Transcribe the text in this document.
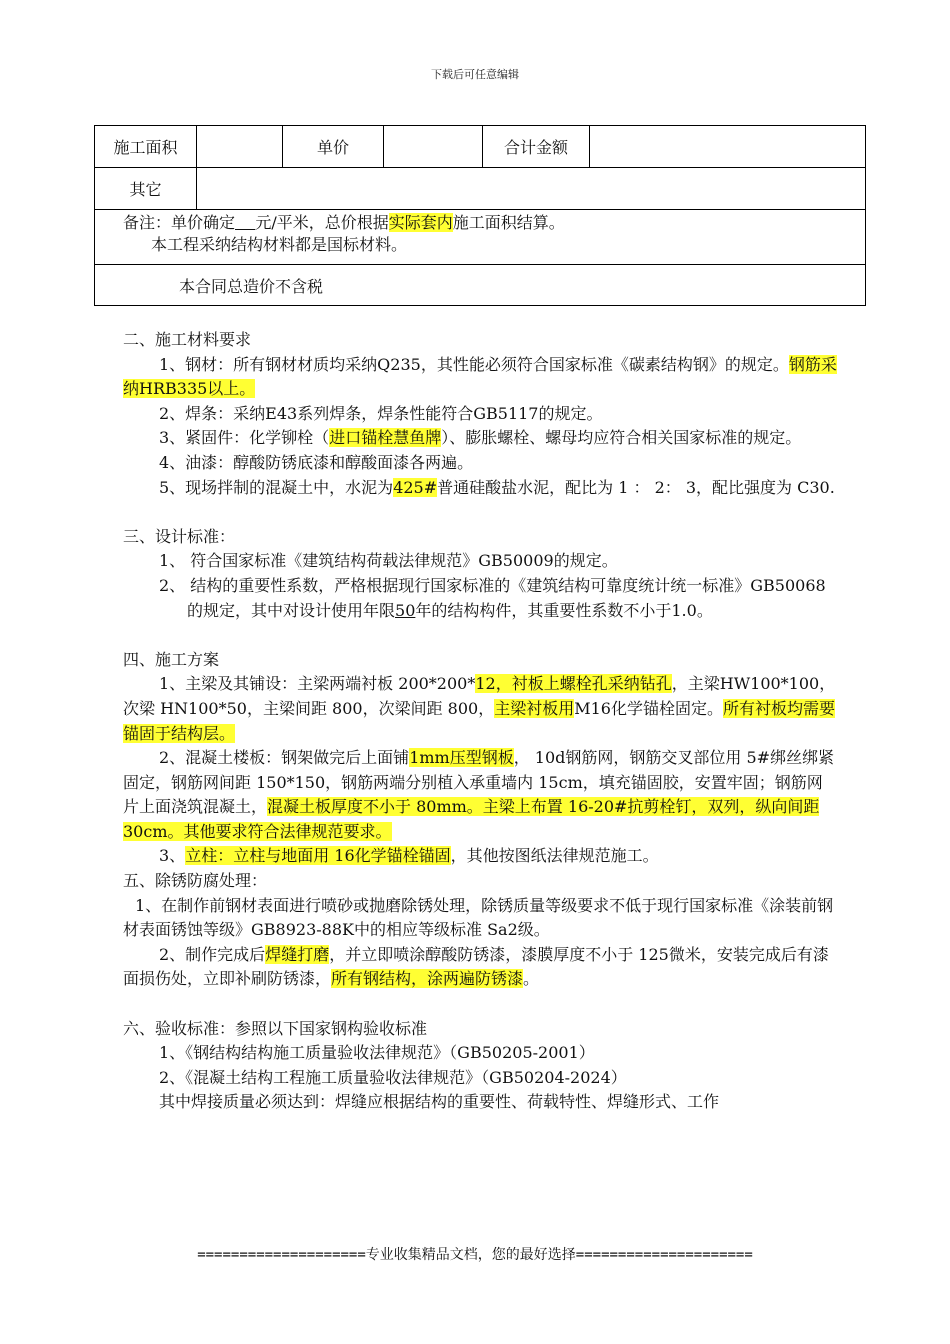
下载后可任意编辑
施工面积		单价		合计金额	
其它					
备注：单价确定 元/平米，总价根据实际套内施工面积结算。
本工程采纳结构材料都是国标材料。					
本合同总造价不含税					

二、施工材料要求

1、钢材：所有钢材材质均采纳Q235，其性能必须符合国家标准《碳素结构钢》的规定。钢筋采纳HRB335以上。

2、焊条：采纳E43系列焊条，焊条性能符合GB5117的规定。

3、紧固件：化学铆栓（进口锚栓慧鱼牌）、膨胀螺栓、螺母均应符合相关国家标准的规定。

4、油漆：醇酸防锈底漆和醇酸面漆各两遍。

5、现场拌制的混凝土中，水泥为425#普通硅酸盐水泥，配比为 1 ： 2： 3，配比强度为 C30.

三、设计标准：

1、 符合国家标准《建筑结构荷载法律规范》GB50009的规定。

2、 结构的重要性系数，严格根据现行国家标准的《建筑结构可靠度统计统一标准》GB50068的规定，其中对设计使用年限50年的结构构件，其重要性系数不小于1.0。

四、施工方案

1、主梁及其铺设：主梁两端衬板 200*200*12，衬板上螺栓孔采纳钻孔，主梁HW100*100，次梁 HN100*50，主梁间距 800，次梁间距 800，主梁衬板用M16化学锚栓固定。所有衬板均需要锚固于结构层。

2、混凝土楼板：钢架做完后上面铺1mm压型钢板， 10d钢筋网，钢筋交叉部位用 5#绑丝绑紧固定，钢筋网间距 150*150，钢筋两端分别植入承重墙内 15cm，填充锚固胶，安置牢固；钢筋网片上面浇筑混凝土，混凝土板厚度不小于 80mm。主梁上布置 16-20#抗剪栓钉，双列，纵向间距 30cm。其他要求符合法律规范要求。

3、立柱：立柱与地面用 16化学锚栓锚固，其他按图纸法律规范施工。

五、除锈防腐处理：

1、在制作前钢材表面进行喷砂或抛磨除锈处理，除锈质量等级要求不低于现行国家标准《涂装前钢材表面锈蚀等级》GB8923-88K中的相应等级标准 Sa2级。

2、制作完成后焊缝打磨，并立即喷涂醇酸防锈漆，漆膜厚度不小于 125微米，安装完成后有漆面损伤处，立即补刷防锈漆，所有钢结构，涂两遍防锈漆。

六、验收标准：参照以下国家钢构验收标准

1、《钢结构结构施工质量验收法律规范》（GB50205-2001）

2、《混凝土结构工程施工质量验收法律规范》（GB50204-2024）

其中焊接质量必须达到：焊缝应根据结构的重要性、荷载特性、焊缝形式、工作

====================专业收集精品文档，您的最好选择=====================
